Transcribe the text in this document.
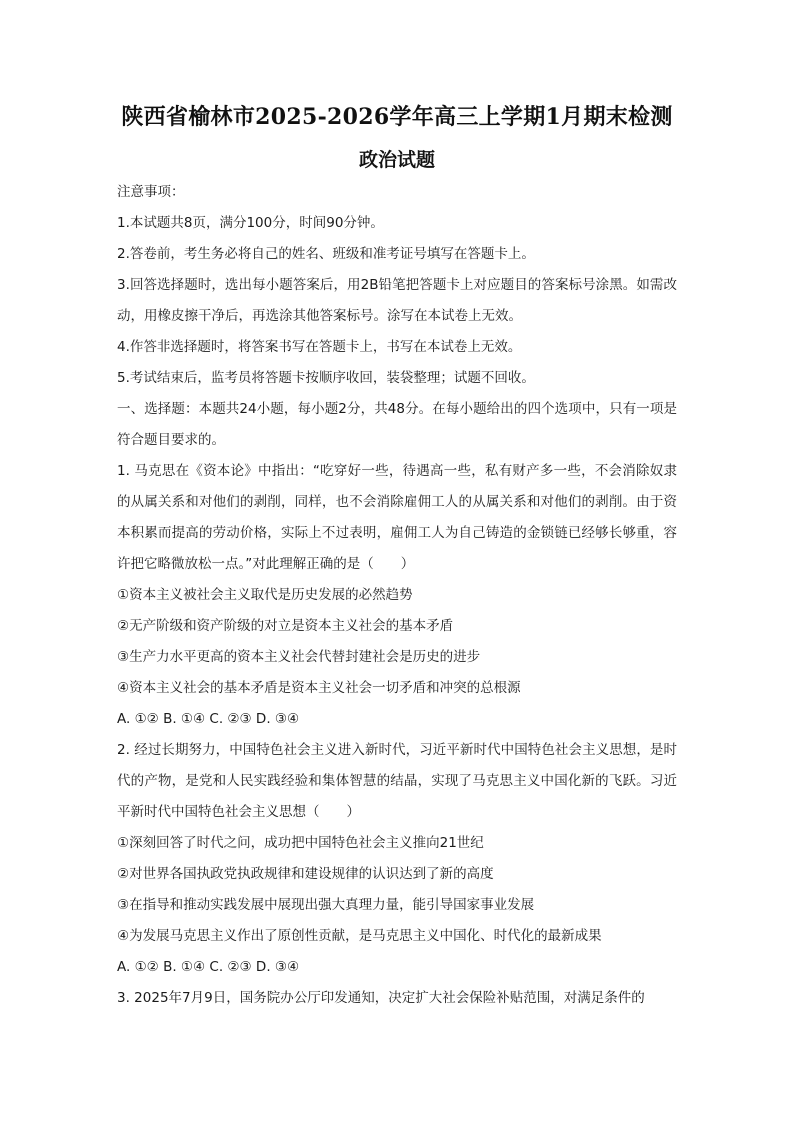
陕西省榆林市2025-2026学年高三上学期1月期末检测
政治试题

注意事项：

1.本试题共8页，满分100分，时间90分钟。

2.答卷前，考生务必将自己的姓名、班级和准考证号填写在答题卡上。

3.回答选择题时，选出每小题答案后，用2B铅笔把答题卡上对应题目的答案标号涂黑。如需改动，用橡皮擦干净后，再选涂其他答案标号。涂写在本试卷上无效。

4.作答非选择题时，将答案书写在答题卡上，书写在本试卷上无效。

5.考试结束后，监考员将答题卡按顺序收回，装袋整理；试题不回收。

一、选择题：本题共24小题，每小题2分，共48分。在每小题给出的四个选项中，只有一项是符合题目要求的。

1. 马克思在《资本论》中指出：“吃穿好一些，待遇高一些，私有财产多一些，不会消除奴隶的从属关系和对他们的剥削，同样，也不会消除雇佣工人的从属关系和对他们的剥削。由于资本积累而提高的劳动价格，实际上不过表明，雇佣工人为自己铸造的金锁链已经够长够重，容许把它略微放松一点。”对此理解正确的是（　　）

①资本主义被社会主义取代是历史发展的必然趋势

②无产阶级和资产阶级的对立是资本主义社会的基本矛盾

③生产力水平更高的资本主义社会代替封建社会是历史的进步

④资本主义社会的基本矛盾是资本主义社会一切矛盾和冲突的总根源

A. ①② B. ①④ C. ②③ D. ③④

2. 经过长期努力，中国特色社会主义进入新时代，习近平新时代中国特色社会主义思想，是时代的产物，是党和人民实践经验和集体智慧的结晶，实现了马克思主义中国化新的飞跃。习近平新时代中国特色社会主义思想（　　）

①深刻回答了时代之问，成功把中国特色社会主义推向21世纪

②对世界各国执政党执政规律和建设规律的认识达到了新的高度

③在指导和推动实践发展中展现出强大真理力量，能引导国家事业发展

④为发展马克思主义作出了原创性贡献，是马克思主义中国化、时代化的最新成果

A. ①② B. ①④ C. ②③ D. ③④

3. 2025年7月9日，国务院办公厅印发通知，决定扩大社会保险补贴范围，对满足条件的
